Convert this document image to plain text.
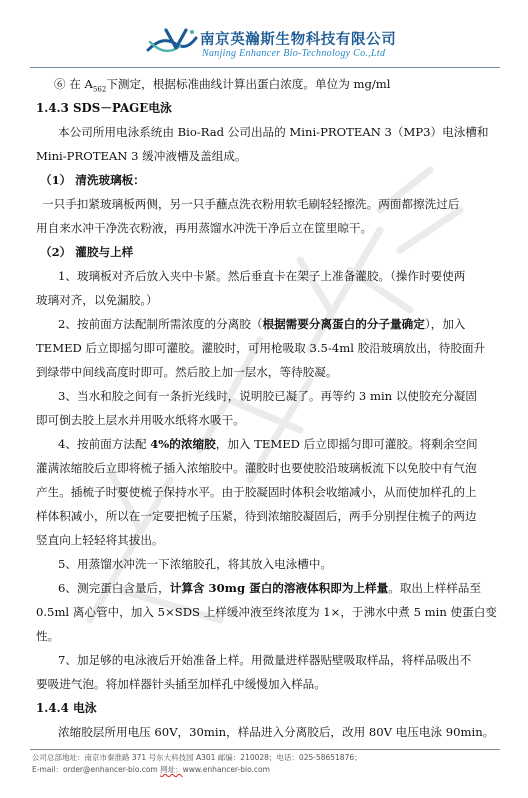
南京英瀚斯生物科技有限公司
Nanjing Enhancer Bio-Technology Co.,Ltd
⑥ 在 $A_{562}$下测定，根据标准曲线计算出蛋白浓度。单位为 mg/ml
1.4.3 SDS－PAGE电泳
本公司所用电泳系统由 Bio-Rad 公司出品的 Mini-PROTEAN 3（MP3）电泳槽和
Mini-PROTEAN 3 缓冲液槽及盖组成。
（1） 清洗玻璃板：
一只手扣紧玻璃板两侧，另一只手蘸点洗衣粉用软毛刷轻轻擦洗。两面都擦洗过后
用自来水冲干净洗衣粉液，再用蒸馏水冲洗干净后立在筐里晾干。
（2） 灌胶与上样
1、玻璃板对齐后放入夹中卡紧。然后垂直卡在架子上准备灌胶。（操作时要使两
玻璃对齐，以免漏胶。）
2、按前面方法配制所需浓度的分离胶（根据需要分离蛋白的分子量确定），加入
TEMED 后立即摇匀即可灌胶。灌胶时，可用枪吸取 3.5-4ml 胶沿玻璃放出，待胶面升
到绿带中间线高度时即可。然后胶上加一层水，等待胶凝。
3、当水和胶之间有一条折光线时，说明胶已凝了。再等约 3 min 以使胶充分凝固
即可倒去胶上层水并用吸水纸将水吸干。
4、按前面方法配 4%的浓缩胶，加入 TEMED 后立即摇匀即可灌胶。将剩余空间
灌满浓缩胶后立即将梳子插入浓缩胶中。灌胶时也要使胶沿玻璃板流下以免胶中有气泡
产生。插梳子时要使梳子保持水平。由于胶凝固时体积会收缩减小，从而使加样孔的上
样体积减小，所以在一定要把梳子压紧，待到浓缩胶凝固后，两手分别捏住梳子的两边
竖直向上轻轻将其拔出。
5、用蒸馏水冲洗一下浓缩胶孔，将其放入电泳槽中。
6、测完蛋白含量后，计算含 30mg 蛋白的溶液体积即为上样量。取出上样样品至
0.5ml 离心管中，加入 5×SDS 上样缓冲液至终浓度为 1×，于沸水中煮 5 min 使蛋白变
性。
7、加足够的电泳液后开始准备上样。用微量进样器贴壁吸取样品，将样品吸出不
要吸进气泡。将加样器针头插至加样孔中缓慢加入样品。
1.4.4 电泳
浓缩胶层所用电压 60V，30min，样品进入分离胶后，改用 80V 电压电泳 90min。
公司总部地址：南京市秦淮路 371 号东大科技园 A301 邮编：210028；电话：025-58651876；
E-mail：order@enhancer-bio.com 网址：www.enhancer-bio.com
